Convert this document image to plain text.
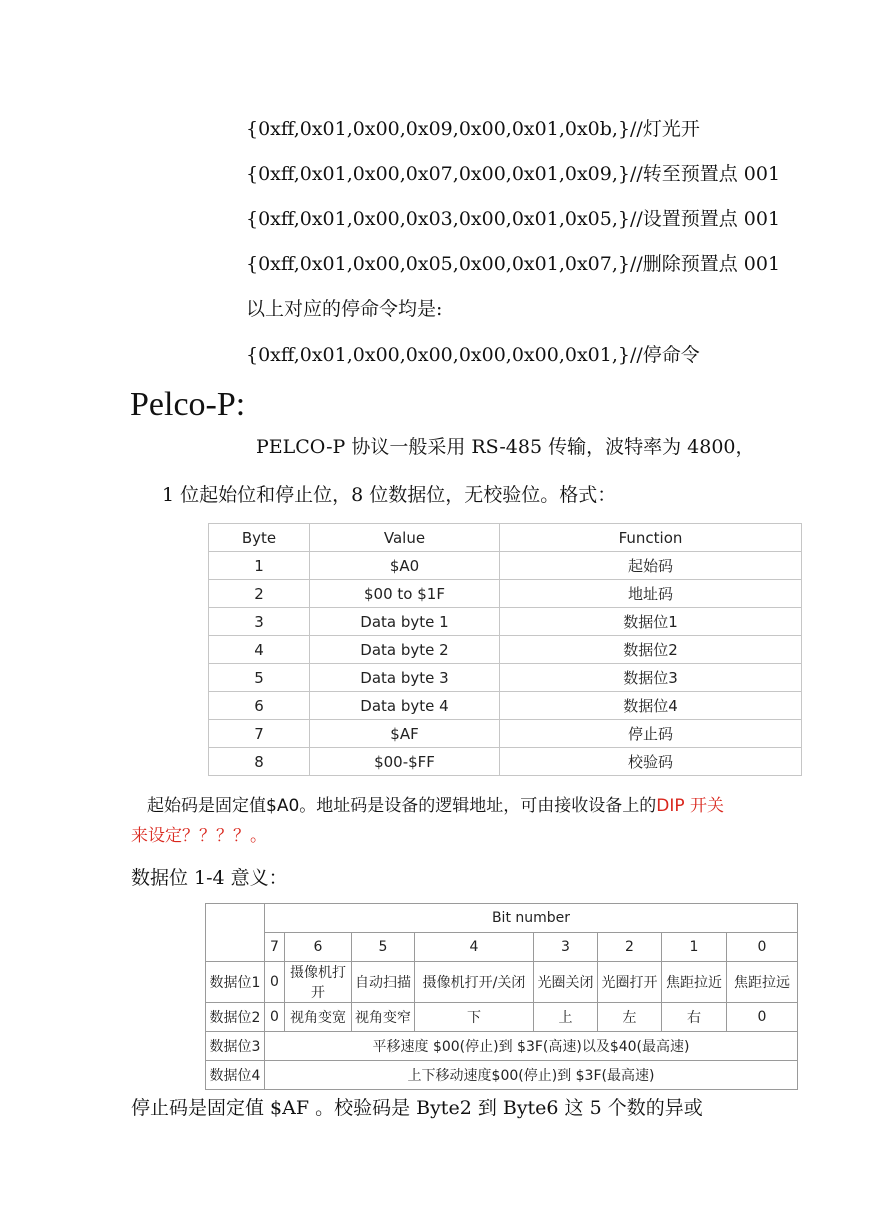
{0xff,0x01,0x00,0x09,0x00,0x01,0x0b,}//灯光开
{0xff,0x01,0x00,0x07,0x00,0x01,0x09,}//转至预置点 001
{0xff,0x01,0x00,0x03,0x00,0x01,0x05,}//设置预置点 001
{0xff,0x01,0x00,0x05,0x00,0x01,0x07,}//删除预置点 001
以上对应的停命令均是:
{0xff,0x01,0x00,0x00,0x00,0x00,0x01,}//停命令
Pelco-P:
PELCO-P 协议一般采用 RS-485 传输，波特率为 4800，
1 位起始位和停止位，8 位数据位，无校验位。格式：
Byte	Value	Function
1	$A0	起始码
2	$00 to $1F	地址码
3	Data byte 1	数据位1
4	Data byte 2	数据位2
5	Data byte 3	数据位3
6	Data byte 4	数据位4
7	$AF	停止码
8	$00-$FF	校验码
起始码是固定值$A0。地址码是设备的逻辑地址，可由接收设备上的DIP 开关
来设定？？？？。
数据位 1-4 意义：
	Bit number							
	7	6	5	4	3	2	1	0
数据位1	0	摄像机打开	自动扫描	摄像机打开/关闭	光圈关闭	光圈打开	焦距拉近	焦距拉远
数据位2	0	视角变宽	视角变窄	下	上	左	右	0
数据位3	平移速度 $00(停止)到 $3F(高速)以及$40(最高速)							
数据位4	上下移动速度$00(停止)到 $3F(最高速)							
停止码是固定值 $AF 。校验码是 Byte2 到 Byte6 这 5 个数的异或
